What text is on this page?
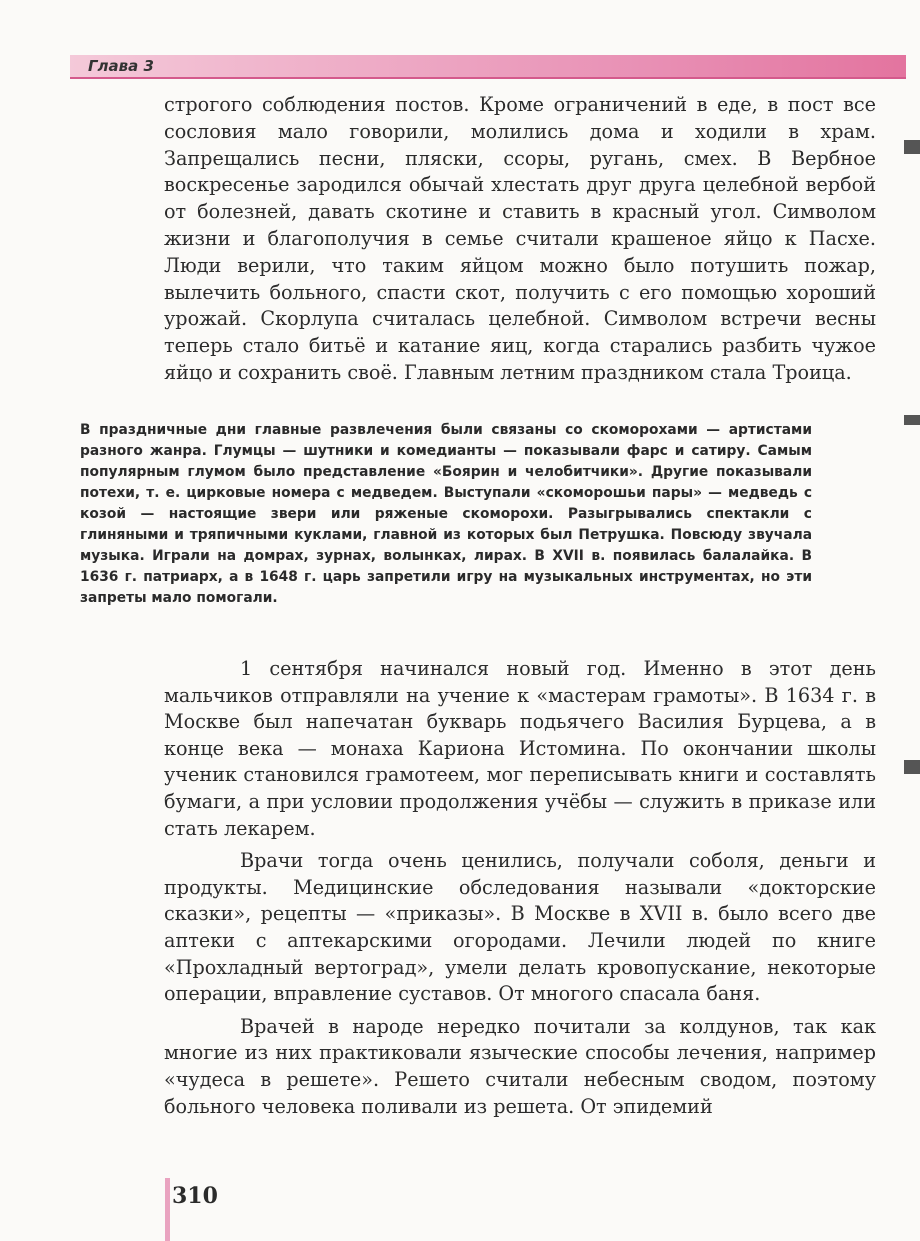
Глава 3

строгого соблюдения постов. Кроме ограничений в еде, в пост все сословия мало говорили, молились дома и ходили в храм. Запрещались песни, пляски, ссоры, ругань, смех. В Вербное воскресенье зародился обычай хлестать друг друга целебной вербой от болезней, давать скотине и ставить в красный угол. Символом жизни и благополучия в семье считали крашеное яйцо к Пасхе. Люди верили, что таким яйцом можно было потушить пожар, вылечить больного, спасти скот, получить с его помощью хороший урожай. Скорлупа считалась целебной. Символом встречи весны теперь стало битьё и катание яиц, когда старались разбить чужое яйцо и сохранить своё. Главным летним праздником стала Троица.

В праздничные дни главные развлечения были связаны со скоморохами — артистами разного жанра. Глумцы — шутники и комедианты — показывали фарс и сатиру. Самым популярным глумом было представление «Боярин и челобитчики». Другие показывали потехи, т. е. цирковые номера с медведем. Выступали «скоморошьи пары» — медведь с козой — настоящие звери или ряженые скоморохи. Разыгрывались спектакли с глиняными и тряпичными куклами, главной из которых был Петрушка. Повсюду звучала музыка. Играли на домрах, зурнах, волынках, лирах. В XVII в. появилась балалайка. В 1636 г. патриарх, а в 1648 г. царь запретили игру на музыкальных инструментах, но эти запреты мало помогали.

1 сентября начинался новый год. Именно в этот день мальчиков отправляли на учение к «мастерам грамоты». В 1634 г. в Москве был напечатан букварь подьячего Василия Бурцева, а в конце века — монаха Кариона Истомина. По окончании школы ученик становился грамотеем, мог переписывать книги и составлять бумаги, а при условии продолжения учёбы — служить в приказе или стать лекарем.

Врачи тогда очень ценились, получали соболя, деньги и продукты. Медицинские обследования называли «докторские сказки», рецепты — «приказы». В Москве в XVII в. было всего две аптеки с аптекарскими огородами. Лечили людей по книге «Прохладный вертоград», умели делать кровопускание, некоторые операции, вправление суставов. От многого спасала баня.

Врачей в народе нередко почитали за колдунов, так как многие из них практиковали языческие способы лечения, например «чудеса в решете». Решето считали небесным сводом, поэтому больного человека поливали из решета. От эпидемий

310
